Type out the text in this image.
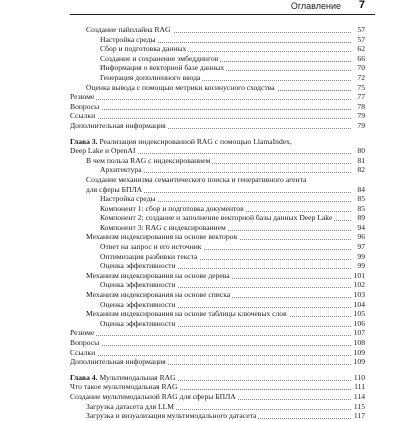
Оглавление 7
Создание пайплайна RAG	57
Настройка среды	57
Сбор и подготовка данных	62
Создание и сохранение эмбеддингов	66
Информация о векторной базе данных	70
Генерация дополненного ввода	72
Оценка вывода с помощью метрики косинусного сходства	75
Резюме	77
Вопросы	78
Ссылки	79
Дополнительная информация	79
Глава 3. Реализация индексированной RAG с помощью LlamaIndex,
Deep Lake и OpenAI	80
В чем польза RAG с индексированием	81
Архитектура	82
Создание механизма семантического поиска и генеративного агента
для сферы БПЛА	84
Настройка среды	85
Компонент 1: сбор и подготовка документов	85
Компонент 2: создание и заполнение векторной базы данных Deep Lake	89
Компонент 3: RAG с индексированием	94
Механизм индексирования на основе векторов	96
Ответ на запрос и его источник	97
Оптимизация разбивки текста	99
Оценка эффективности	99
Механизм индексирования на основе дерева	101
Оценка эффективности	102
Механизм индексирования на основе списка	103
Оценка эффективности	104
Механизм индексирования на основе таблицы ключевых слов	105
Оценка эффективности	106
Резюме	107
Вопросы	108
Ссылки	109
Дополнительная информация	109
Глава 4. Мультимодальная RAG	110
Что такое мультимодальная RAG	111
Создание мультимодальной RAG для сферы БПЛА	114
Загрузка датасета для LLM	115
Загрузка и визуализация мультимодального датасета	117
